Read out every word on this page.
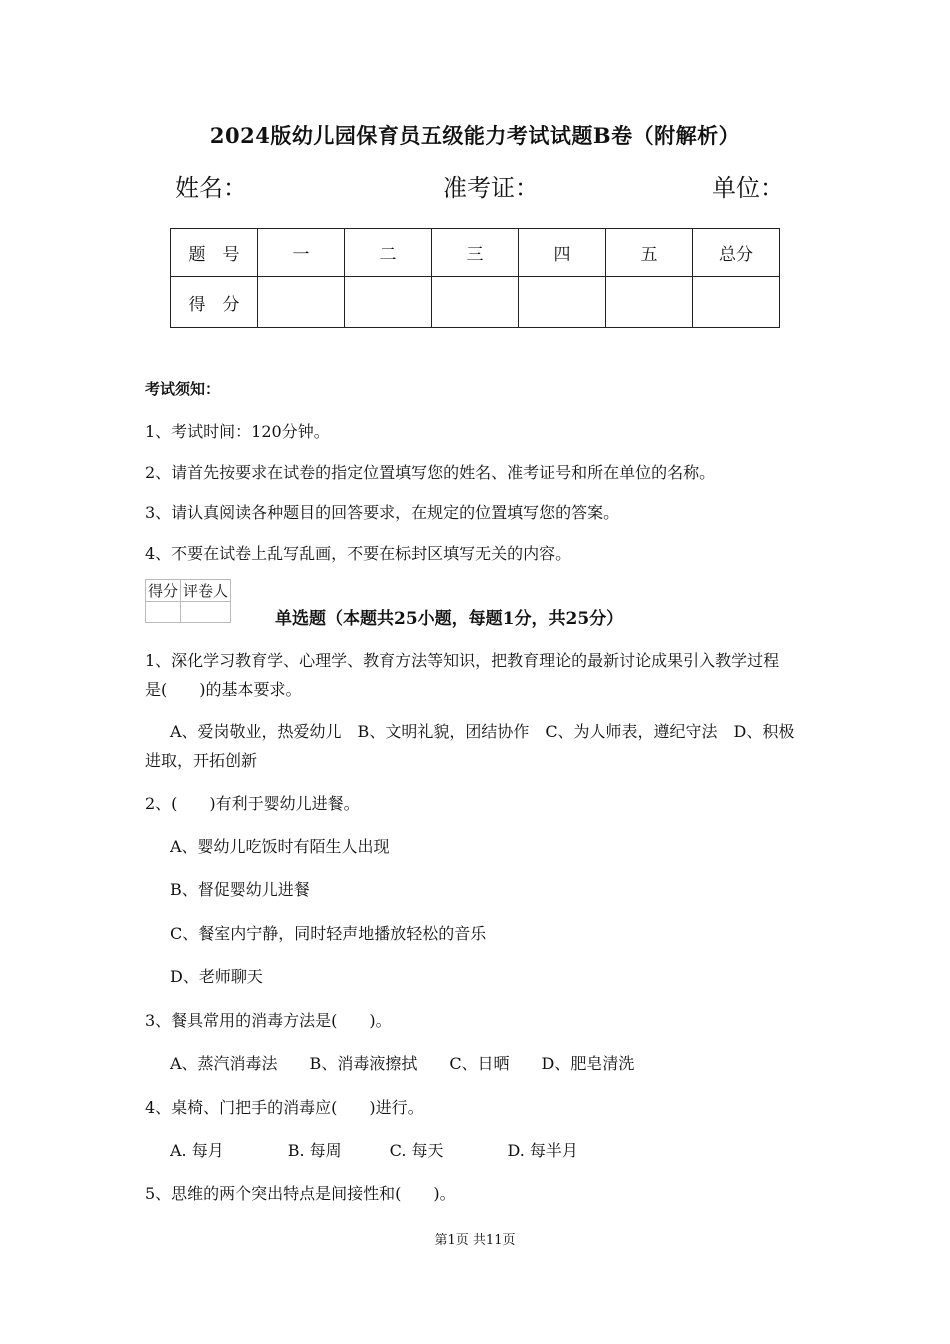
2024版幼儿园保育员五级能力考试试题B卷（附解析）
姓名：	准考证：	单位：
题　号	一	二	三	四	五	总分
得　分						
考试须知：
1、考试时间：120分钟。
2、请首先按要求在试卷的指定位置填写您的姓名、准考证号和所在单位的名称。
3、请认真阅读各种题目的回答要求，在规定的位置填写您的答案。
4、不要在试卷上乱写乱画，不要在标封区填写无关的内容。
得分	评卷人

单选题（本题共25小题，每题1分，共25分）
1、深化学习教育学、心理学、教育方法等知识，把教育理论的最新讨论成果引入教学过程
是(　　)的基本要求。
A、爱岗敬业，热爱幼儿　B、文明礼貌，团结协作　C、为人师表，遵纪守法　D、积极
进取，开拓创新
2、(　　)有利于婴幼儿进餐。
A、婴幼儿吃饭时有陌生人出现
B、督促婴幼儿进餐
C、餐室内宁静，同时轻声地播放轻松的音乐
D、老师聊天
3、餐具常用的消毒方法是(　　)。
A、蒸汽消毒法　　B、消毒液擦拭　　C、日晒　　D、肥皂清洗
4、桌椅、门把手的消毒应(　　)进行。
A. 每月　　　　B. 每周　　　C. 每天　　　　D. 每半月
5、思维的两个突出特点是间接性和(　　)。
第1页 共11页
